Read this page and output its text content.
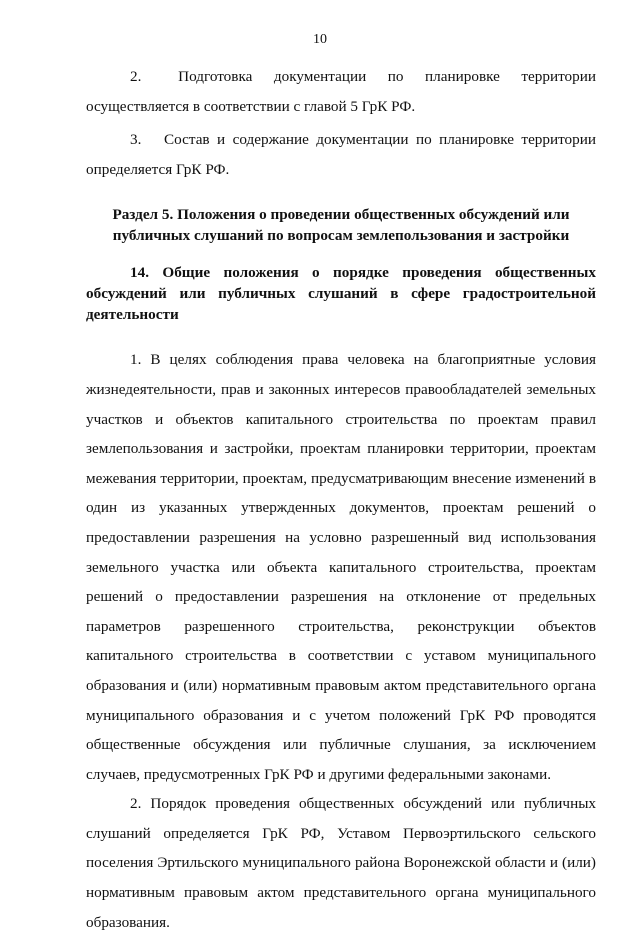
10

2.  Подготовка документации по планировке территории осуществляется в соответствии с главой 5 ГрК РФ.

3.  Состав и содержание документации по планировке территории определяется ГрК РФ.

Раздел 5. Положения о проведении общественных обсуждений или публичных слушаний по вопросам землепользования и застройки
14. Общие положения о порядке проведения общественных обсуждений или публичных слушаний в сфере градостроительной деятельности

1. В целях соблюдения права человека на благоприятные условия жизнедеятельности, прав и законных интересов правообладателей земельных участков и объектов капитального строительства по проектам правил землепользования и застройки, проектам планировки территории, проектам межевания территории, проектам, предусматривающим внесение изменений в один из указанных утвержденных документов, проектам решений о предоставлении разрешения на условно разрешенный вид использования земельного участка или объекта капитального строительства, проектам решений о предоставлении разрешения на отклонение от предельных параметров разрешенного строительства, реконструкции объектов капитального строительства в соответствии с уставом муниципального образования и (или) нормативным правовым актом представительного органа муниципального образования и с учетом положений ГрК РФ проводятся общественные обсуждения или публичные слушания, за исключением случаев, предусмотренных ГрК РФ и другими федеральными законами.

2. Порядок проведения общественных обсуждений или публичных слушаний определяется ГрК РФ, Уставом Первоэртильского сельского поселения Эртильского муниципального района Воронежской области и (или) нормативным правовым актом представительного органа муниципального образования.
